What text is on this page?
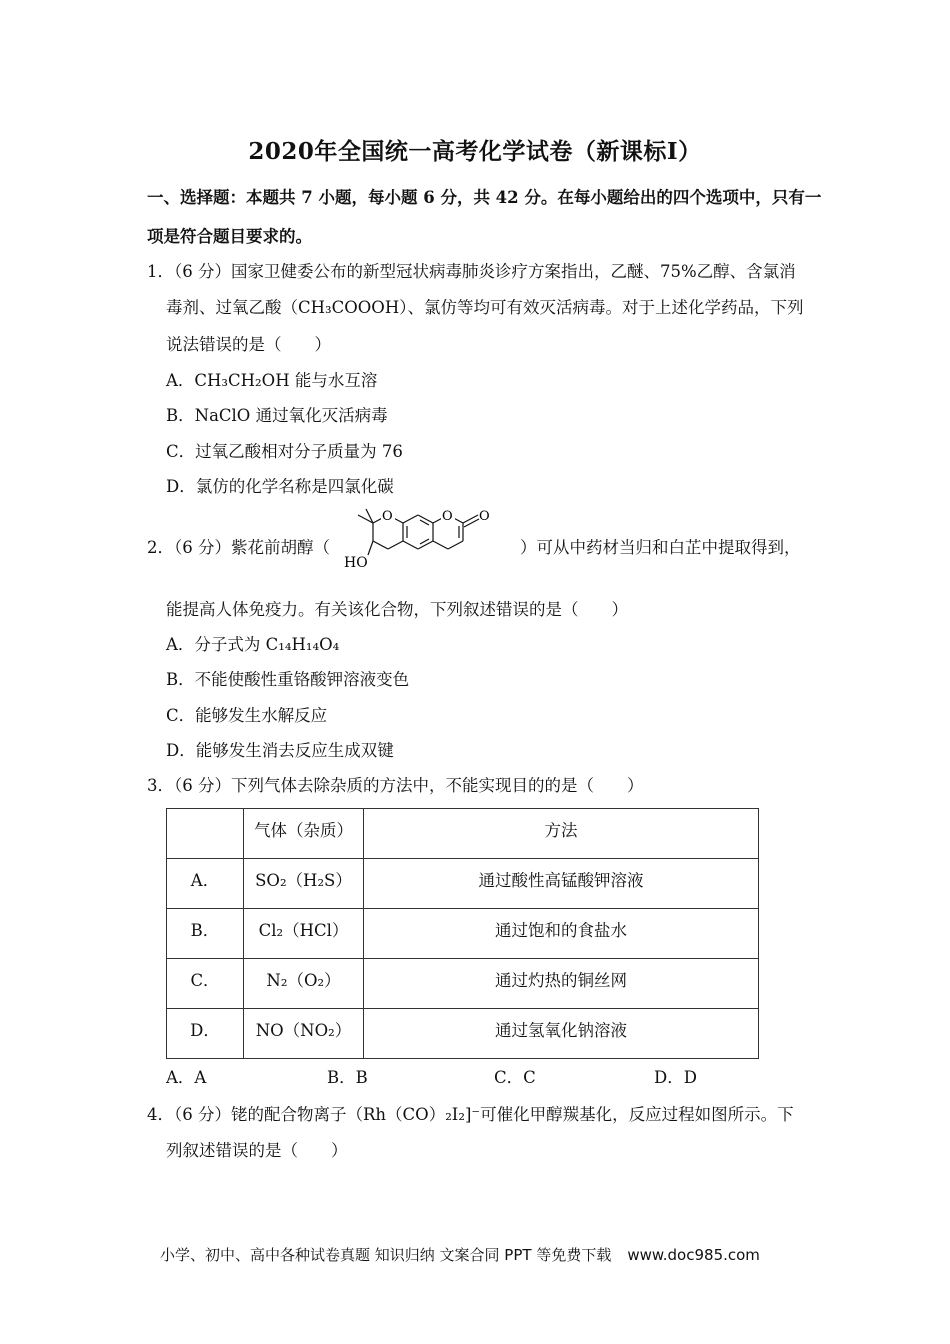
2020年全国统一高考化学试卷（新课标Ⅰ）
一、选择题：本题共 7 小题，每小题 6 分，共 42 分。在每小题给出的四个选项中，只有一
项是符合题目要求的。
1．（6 分）国家卫健委公布的新型冠状病毒肺炎诊疗方案指出，乙醚、75%乙醇、含氯消
毒剂、过氧乙酸（CH₃COOOH）、氯仿等均可有效灭活病毒。对于上述化学药品，下列
说法错误的是（　　）
A．CH₃CH₂OH 能与水互溶
B．NaClO 通过氧化灭活病毒
C．过氧乙酸相对分子质量为 76
D．氯仿的化学名称是四氯化碳
2．（6 分）紫花前胡醇（
O	O O
HO
）可从中药材当归和白芷中提取得到，
能提高人体免疫力。有关该化合物，下列叙述错误的是（　　）
A．分子式为 C₁₄H₁₄O₄
B．不能使酸性重铬酸钾溶液变色
C．能够发生水解反应
D．能够发生消去反应生成双键
3．（6 分）下列气体去除杂质的方法中，不能实现目的的是（　　）
	气体（杂质）	方法
A．	SO₂（H₂S）	通过酸性高锰酸钾溶液
B．	Cl₂（HCl）	通过饱和的食盐水
C．	N₂（O₂）	通过灼热的铜丝网
D．	NO（NO₂）	通过氢氧化钠溶液
A．A	B．B	C．C	D．D
4．（6 分）铑的配合物离子（Rh（CO）₂I₂]⁻可催化甲醇羰基化，反应过程如图所示。下
列叙述错误的是（　　）
小学、初中、高中各种试卷真题 知识归纳 文案合同 PPT 等免费下载 www.doc985.com
